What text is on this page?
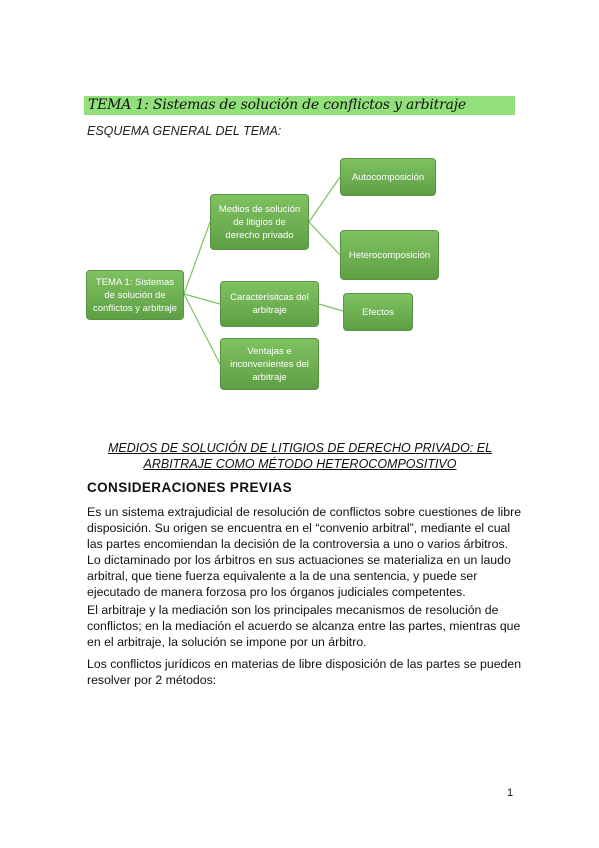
TEMA 1: Sistemas de solución de conflictos y arbitraje
ESQUEMA GENERAL DEL TEMA:
TEMA 1: Sistemas de solución de conflictos y arbitraje
Medios de solución de litigios de derecho privado
Caracterísitcas del arbitraje
Ventajas e inconvenientes del arbitraje
Autocomposición
Heterocomposición
Efectos
MEDIOS DE SOLUCIÓN DE LITIGIOS DE DERECHO PRIVADO: EL
ARBITRAJE COMO MÉTODO HETEROCOMPOSITIVO
CONSIDERACIONES PREVIAS
Es un sistema extrajudicial de resolución de conflictos sobre cuestiones de libre
disposición. Su origen se encuentra en el “convenio arbitral”, mediante el cual
las partes encomiendan la decisión de la controversia a uno o varios árbitros.
Lo dictaminado por los árbitros en sus actuaciones se materializa en un laudo
arbitral, que tiene fuerza equivalente a la de una sentencia, y puede ser
ejecutado de manera forzosa pro los órganos judiciales competentes.
El arbitraje y la mediación son los principales mecanismos de resolución de
conflictos; en la mediación el acuerdo se alcanza entre las partes, mientras que
en el arbitraje, la solución se impone por un árbitro.
Los conflictos jurídicos en materias de libre disposición de las partes se pueden
resolver por 2 métodos:
1
